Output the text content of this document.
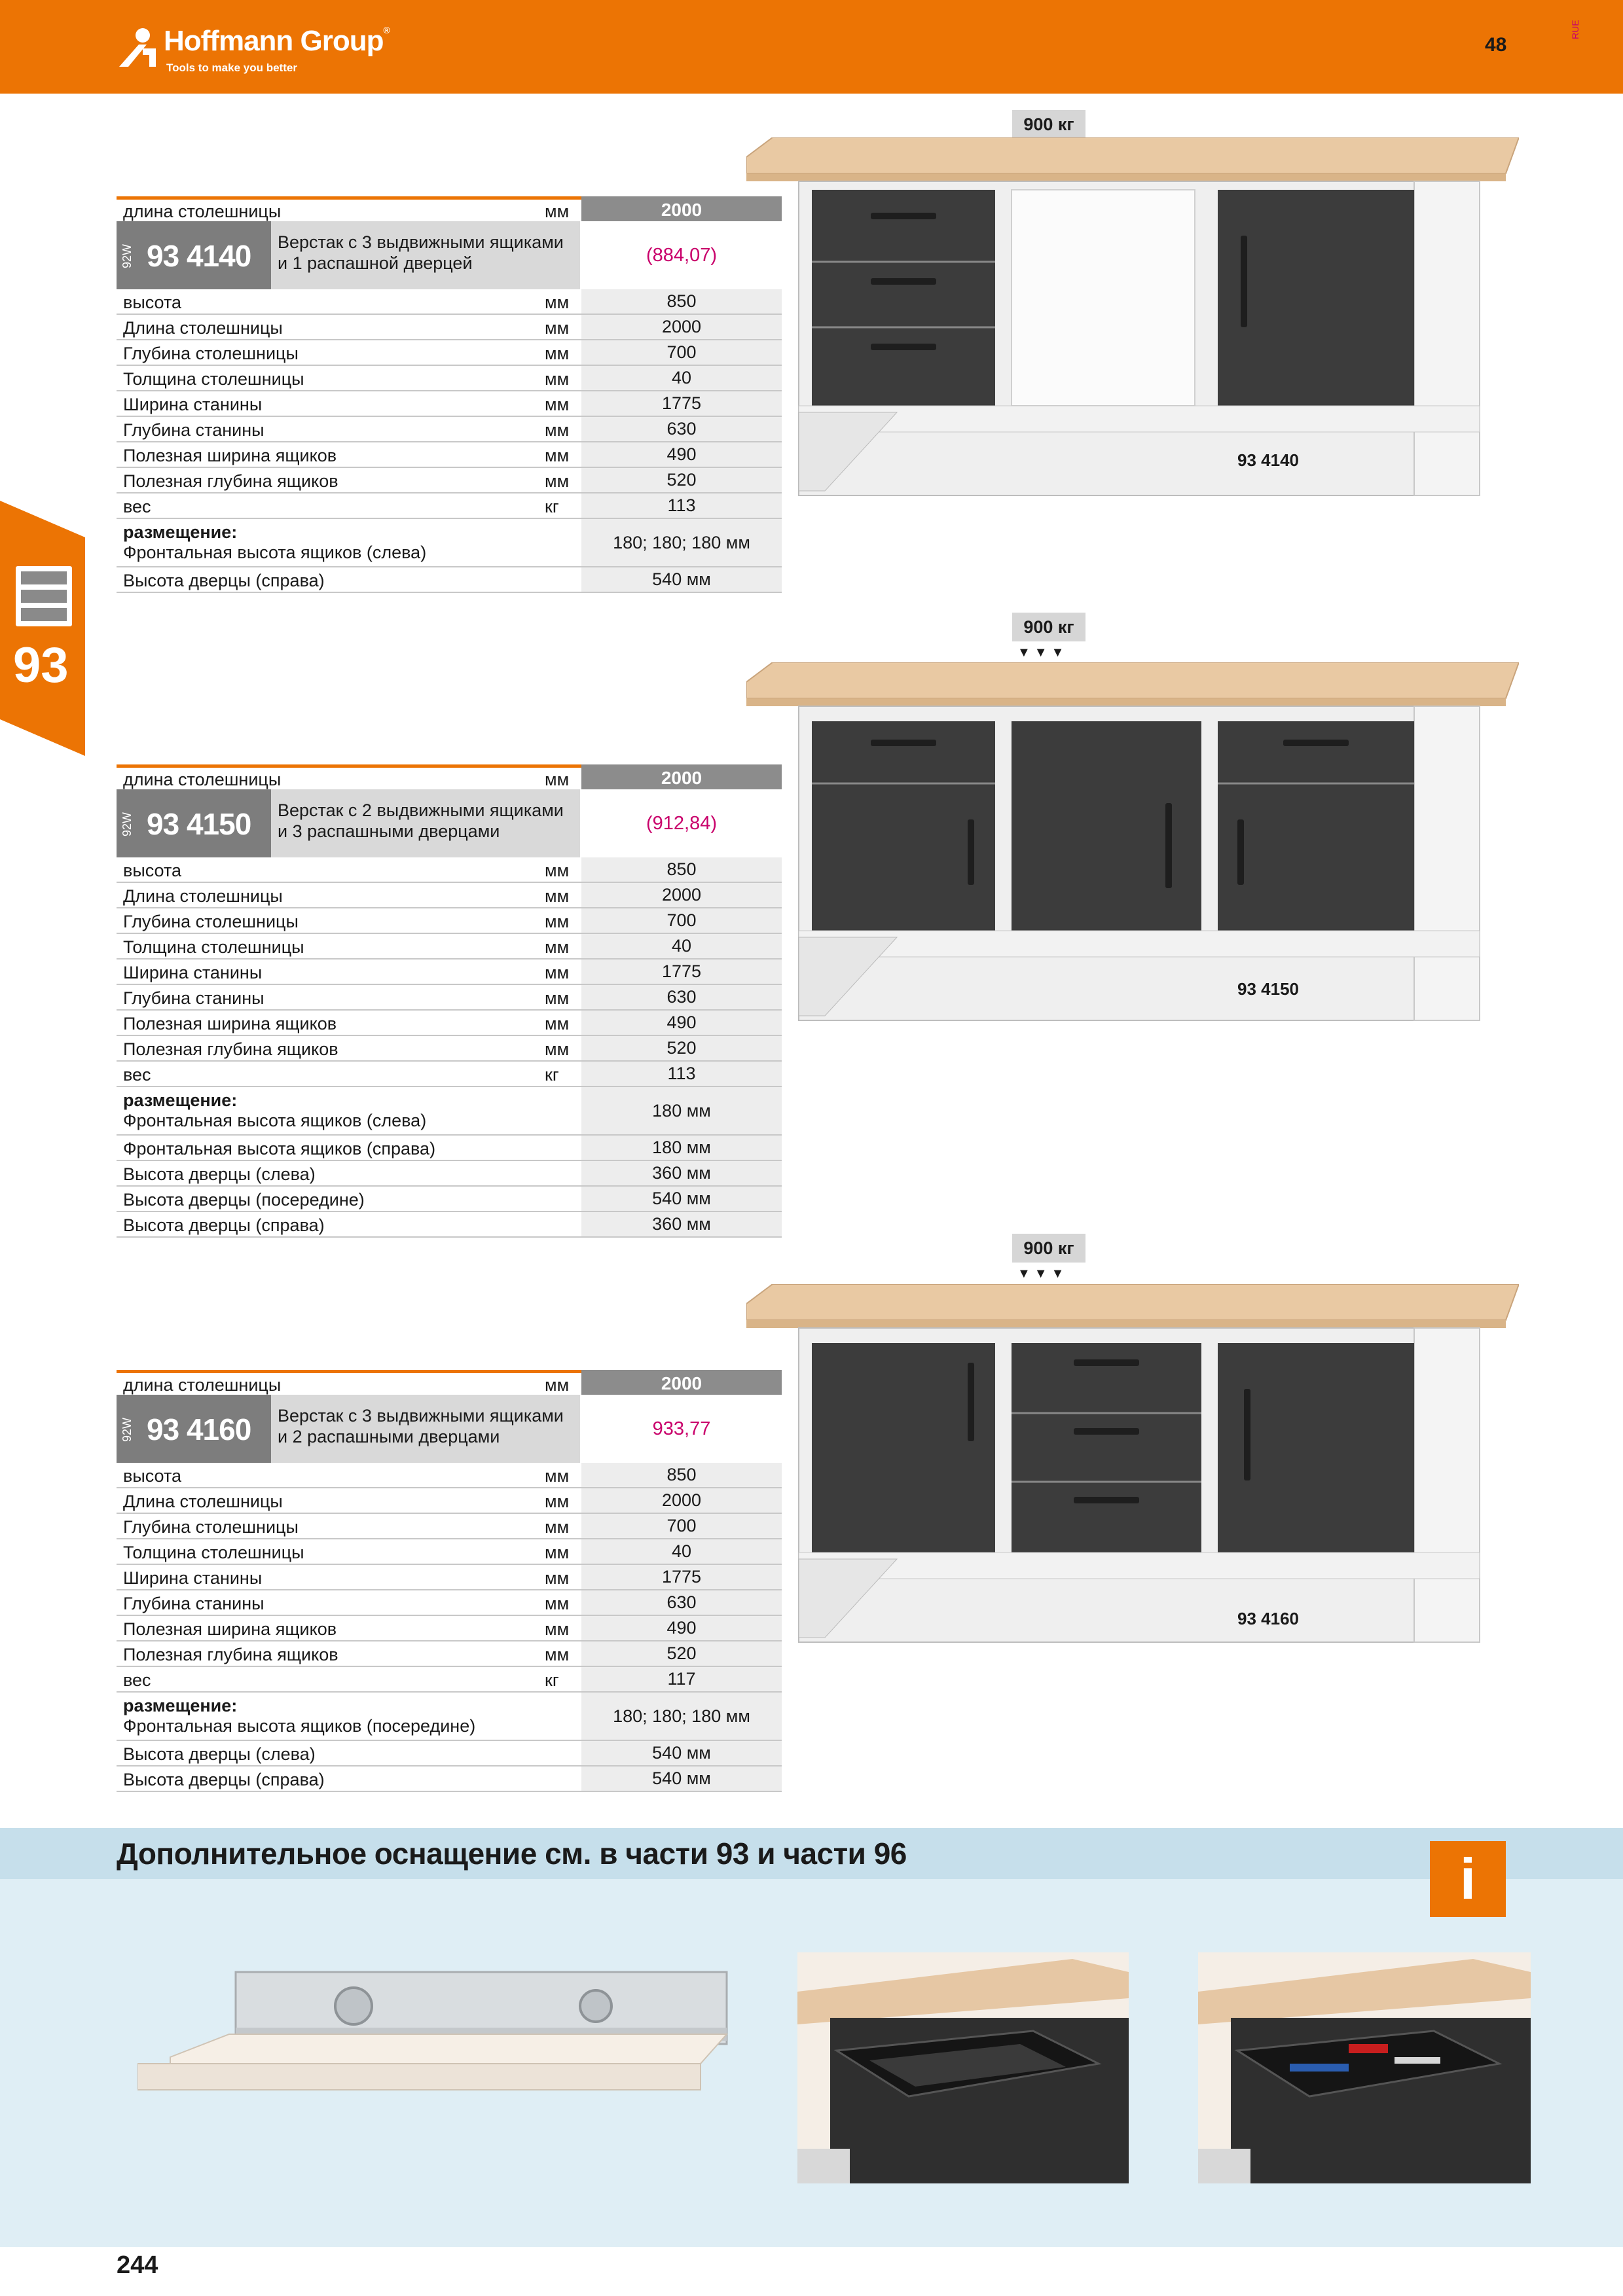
Hoffmann Group®
Tools to make you better
48
RUE
93
длина столешницы	мм	2000
92W 93 4140 Верстак с 3 выдвижными ящиками
и 1 распашной дверцей	(884,07)
высота	мм	850
Длина столешницы	мм	2000
Глубина столешницы	мм	700
Толщина столешницы	мм	40
Ширина станины	мм	1775
Глубина станины	мм	630
Полезная ширина ящиков	мм	490
Полезная глубина ящиков	мм	520
вес	кг	113
размещение:
Фронтальная высота ящиков (слева)	180; 180; 180 мм
Высота дверцы (справа)	540 мм
900 кг
93 4140
длина столешницы	мм	2000
92W 93 4150 Верстак с 2 выдвижными ящиками
и 3 распашными дверцами	(912,84)
высота	мм	850
Длина столешницы	мм	2000
Глубина столешницы	мм	700
Толщина столешницы	мм	40
Ширина станины	мм	1775
Глубина станины	мм	630
Полезная ширина ящиков	мм	490
Полезная глубина ящиков	мм	520
вес	кг	113
размещение:
Фронтальная высота ящиков (слева)	180 мм
Фронтальная высота ящиков (справа)	180 мм
Высота дверцы (слева)	360 мм
Высота дверцы (посередине)	540 мм
Высота дверцы (справа)	360 мм
900 кг
▼▼▼
93 4150
длина столешницы	мм	2000
92W 93 4160 Верстак с 3 выдвижными ящиками
и 2 распашными дверцами	933,77
высота	мм	850
Длина столешницы	мм	2000
Глубина столешницы	мм	700
Толщина столешницы	мм	40
Ширина станины	мм	1775
Глубина станины	мм	630
Полезная ширина ящиков	мм	490
Полезная глубина ящиков	мм	520
вес	кг	117
размещение:
Фронтальная высота ящиков (посередине)	180; 180; 180 мм
Высота дверцы (слева)	540 мм
Высота дверцы (справа)	540 мм
900 кг
▼▼▼
93 4160
Дополнительное оснащение см. в части 93 и части 96	i
244
